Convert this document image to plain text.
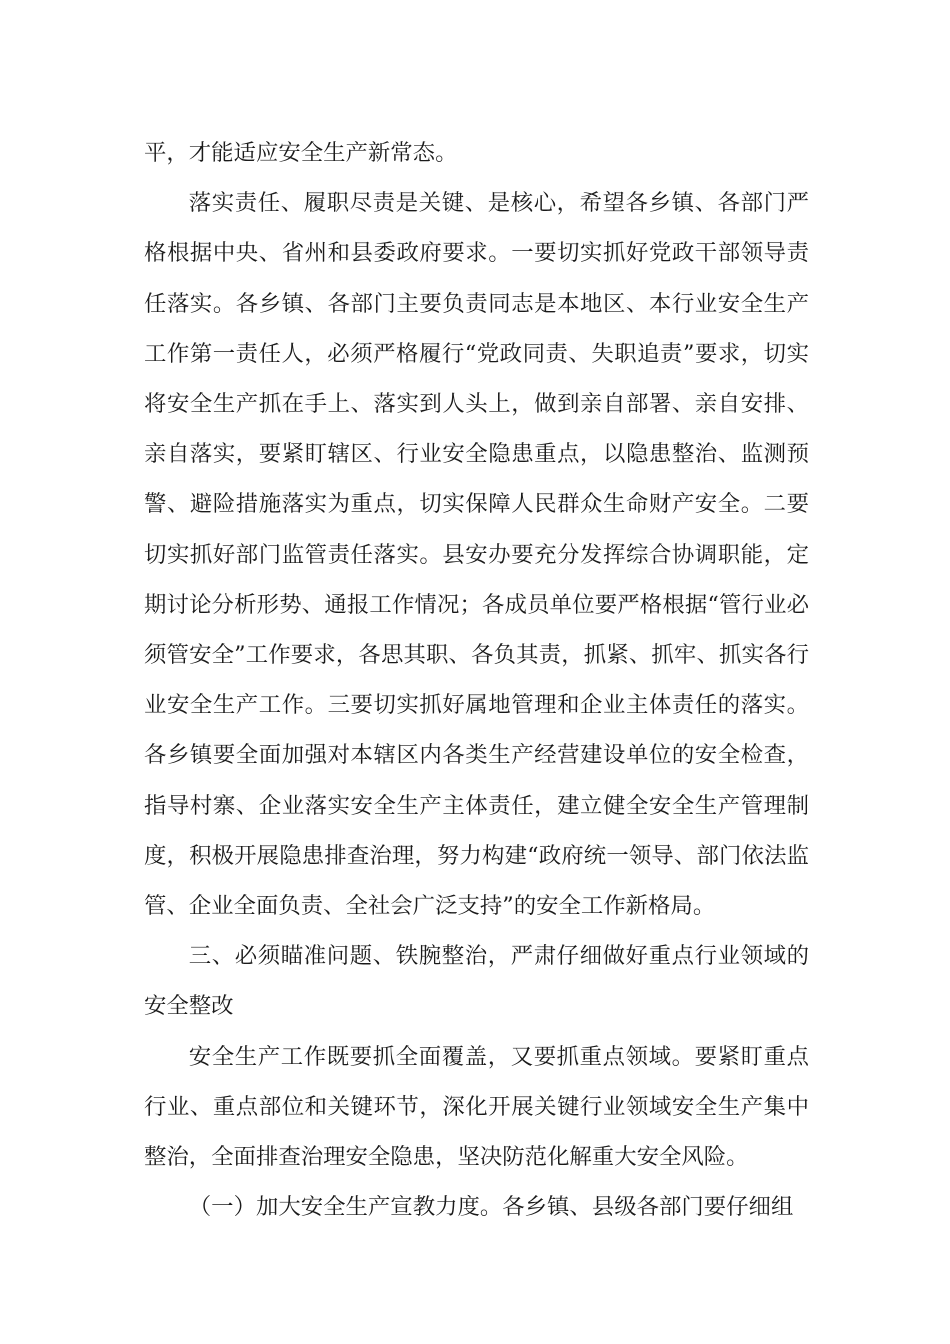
平，才能适应安全生产新常态。

落实责任、履职尽责是关键、是核心，希望各乡镇、各部门严格根据中央、省州和县委政府要求。一要切实抓好党政干部领导责任落实。各乡镇、各部门主要负责同志是本地区、本行业安全生产工作第一责任人，必须严格履行“党政同责、失职追责”要求，切实将安全生产抓在手上、落实到人头上，做到亲自部署、亲自安排、亲自落实，要紧盯辖区、行业安全隐患重点，以隐患整治、监测预警、避险措施落实为重点，切实保障人民群众生命财产安全。二要切实抓好部门监管责任落实。县安办要充分发挥综合协调职能，定期讨论分析形势、通报工作情况；各成员单位要严格根据“管行业必须管安全”工作要求，各思其职、各负其责，抓紧、抓牢、抓实各行业安全生产工作。三要切实抓好属地管理和企业主体责任的落实。各乡镇要全面加强对本辖区内各类生产经营建设单位的安全检查，指导村寨、企业落实安全生产主体责任，建立健全安全生产管理制度，积极开展隐患排查治理，努力构建“政府统一领导、部门依法监管、企业全面负责、全社会广泛支持”的安全工作新格局。

三、必须瞄准问题、铁腕整治，严肃仔细做好重点行业领域的安全整改

安全生产工作既要抓全面覆盖，又要抓重点领域。要紧盯重点行业、重点部位和关键环节，深化开展关键行业领域安全生产集中整治，全面排查治理安全隐患，坚决防范化解重大安全风险。

（一）加大安全生产宣教力度。各乡镇、县级各部门要仔细组
